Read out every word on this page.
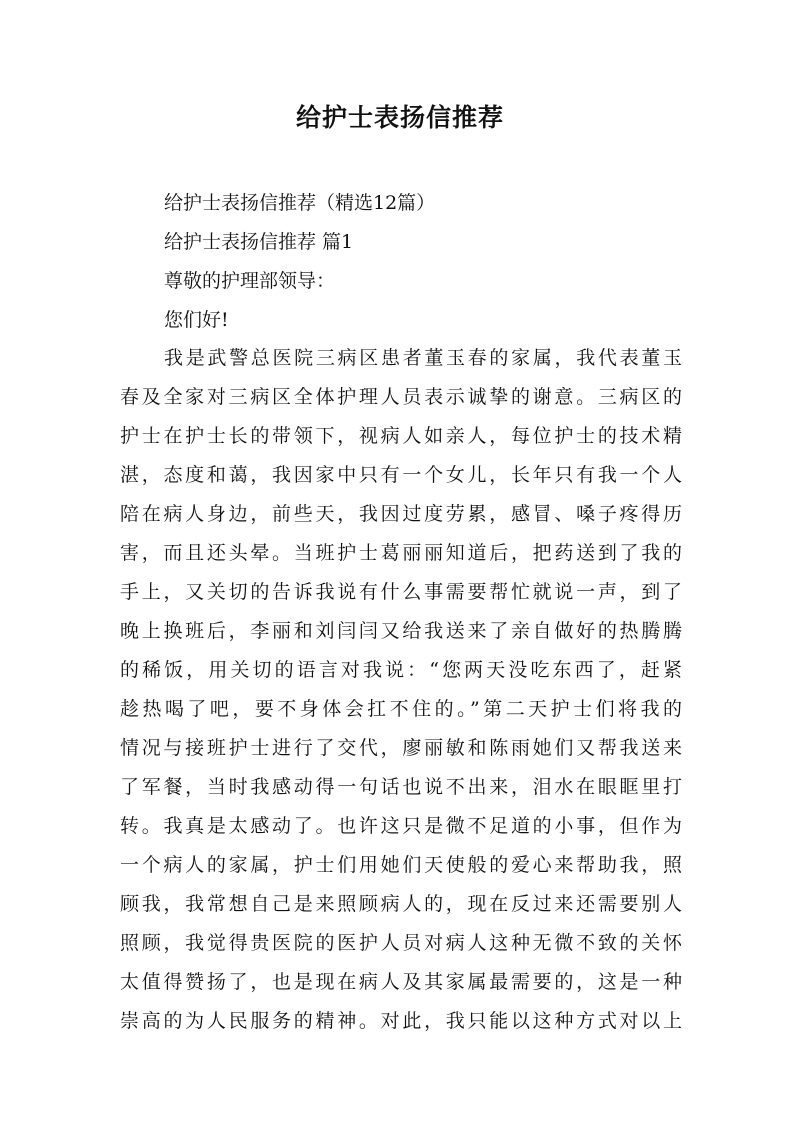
给护士表扬信推荐
给护士表扬信推荐（精选12篇）
给护士表扬信推荐 篇1
尊敬的护理部领导：
您们好!
我是武警总医院三病区患者董玉春的家属，我代表董玉
春及全家对三病区全体护理人员表示诚挚的谢意。三病区的
护士在护士长的带领下，视病人如亲人，每位护士的技术精
湛，态度和蔼，我因家中只有一个女儿，长年只有我一个人
陪在病人身边，前些天，我因过度劳累，感冒、嗓子疼得历
害，而且还头晕。当班护士葛丽丽知道后，把药送到了我的
手上，又关切的告诉我说有什么事需要帮忙就说一声，到了
晚上换班后，李丽和刘闫闫又给我送来了亲自做好的热腾腾
的稀饭，用关切的语言对我说：“您两天没吃东西了，赶紧
趁热喝了吧，要不身体会扛不住的。”第二天护士们将我的
情况与接班护士进行了交代，廖丽敏和陈雨她们又帮我送来
了军餐，当时我感动得一句话也说不出来，泪水在眼眶里打
转。我真是太感动了。也许这只是微不足道的小事，但作为
一个病人的家属，护士们用她们天使般的爱心来帮助我，照
顾我，我常想自己是来照顾病人的，现在反过来还需要别人
照顾，我觉得贵医院的医护人员对病人这种无微不致的关怀
太值得赞扬了，也是现在病人及其家属最需要的，这是一种
崇高的为人民服务的精神。对此，我只能以这种方式对以上
